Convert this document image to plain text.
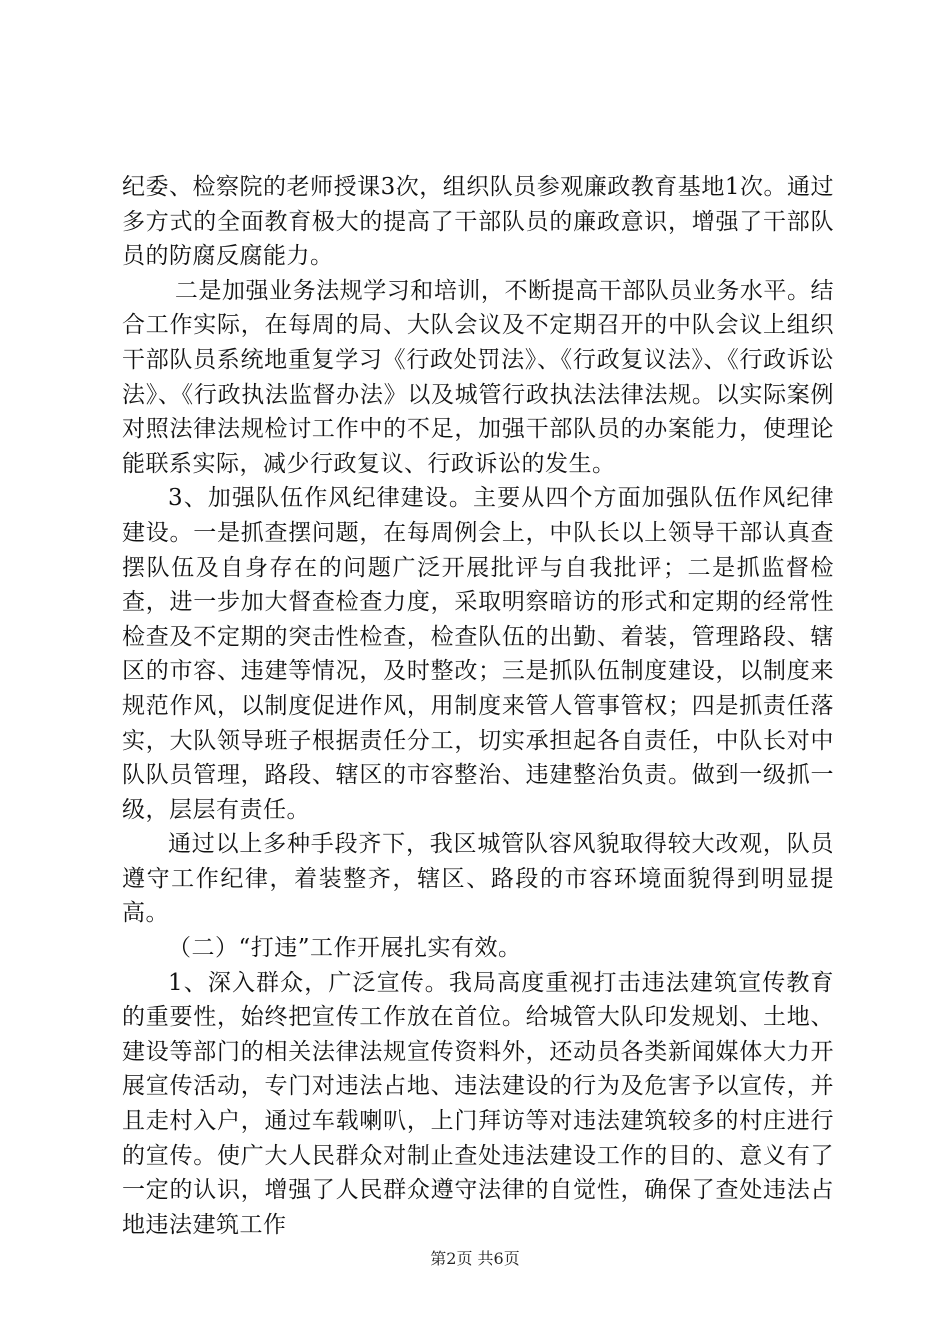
纪委、检察院的老师授课3次，组织队员参观廉政教育基地1次。通过多方式的全面教育极大的提高了干部队员的廉政意识，增强了干部队员的防腐反腐能力。

二是加强业务法规学习和培训，不断提高干部队员业务水平。结合工作实际，在每周的局、大队会议及不定期召开的中队会议上组织干部队员系统地重复学习《行政处罚法》、《行政复议法》、《行政诉讼法》、《行政执法监督办法》以及城管行政执法法律法规。以实际案例对照法律法规检讨工作中的不足，加强干部队员的办案能力，使理论能联系实际，减少行政复议、行政诉讼的发生。

3、加强队伍作风纪律建设。主要从四个方面加强队伍作风纪律建设。一是抓查摆问题，在每周例会上，中队长以上领导干部认真查摆队伍及自身存在的问题广泛开展批评与自我批评；二是抓监督检查，进一步加大督查检查力度，采取明察暗访的形式和定期的经常性检查及不定期的突击性检查，检查队伍的出勤、着装，管理路段、辖区的市容、违建等情况，及时整改；三是抓队伍制度建设，以制度来规范作风，以制度促进作风，用制度来管人管事管权；四是抓责任落实，大队领导班子根据责任分工，切实承担起各自责任，中队长对中队队员管理，路段、辖区的市容整治、违建整治负责。做到一级抓一级，层层有责任。

通过以上多种手段齐下，我区城管队容风貌取得较大改观，队员遵守工作纪律，着装整齐，辖区、路段的市容环境面貌得到明显提高。

（二）“打违”工作开展扎实有效。

1、深入群众，广泛宣传。我局高度重视打击违法建筑宣传教育的重要性，始终把宣传工作放在首位。给城管大队印发规划、土地、建设等部门的相关法律法规宣传资料外，还动员各类新闻媒体大力开展宣传活动，专门对违法占地、违法建设的行为及危害予以宣传，并且走村入户，通过车载喇叭，上门拜访等对违法建筑较多的村庄进行的宣传。使广大人民群众对制止查处违法建设工作的目的、意义有了一定的认识，增强了人民群众遵守法律的自觉性，确保了查处违法占地违法建筑工作

第2页 共6页
